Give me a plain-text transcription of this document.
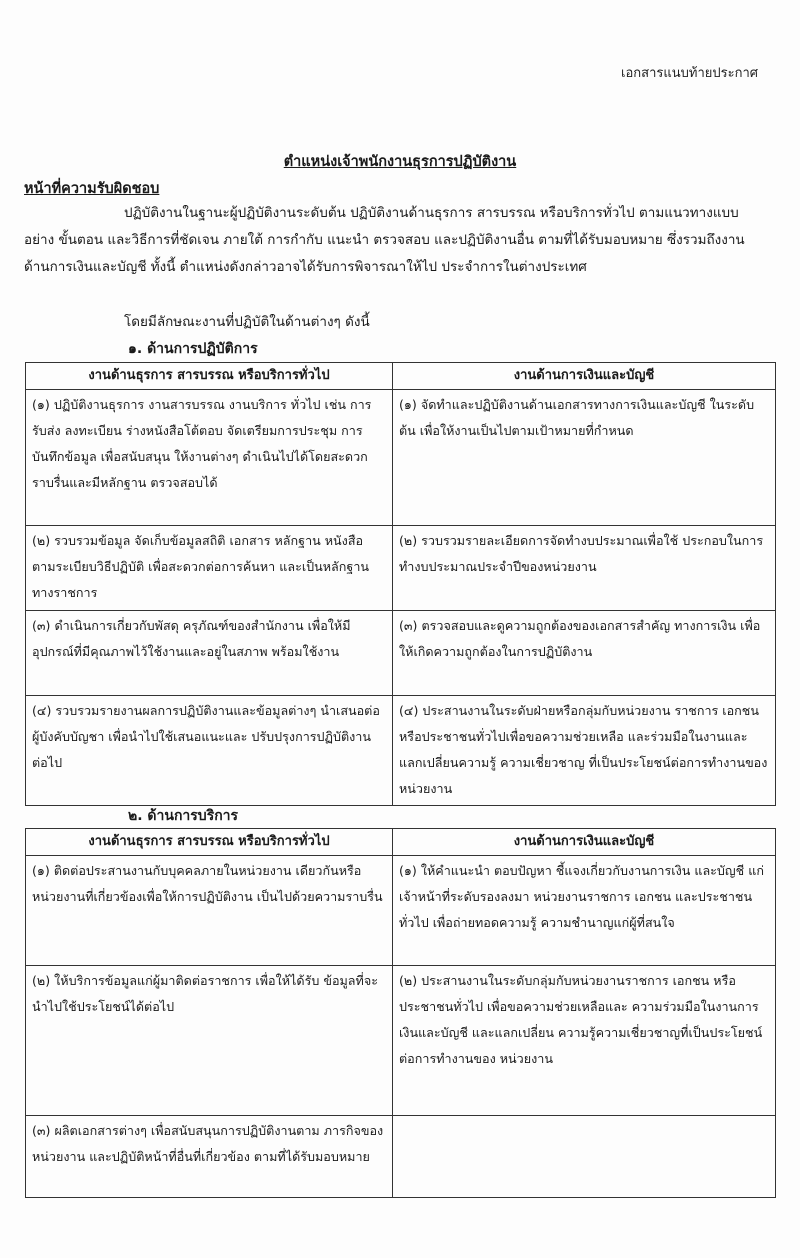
เอกสารแนบท้ายประกาศ
ตำแหน่งเจ้าพนักงานธุรการปฏิบัติงาน
หน้าที่ความรับผิดชอบ
ปฏิบัติงานในฐานะผู้ปฏิบัติงานระดับต้น ปฏิบัติงานด้านธุรการ สารบรรณ หรือบริการทั่วไป ตามแนวทางแบบอย่าง ขั้นตอน และวิธีการที่ชัดเจน ภายใต้ การกำกับ แนะนำ ตรวจสอบ และปฏิบัติงานอื่น ตามที่ได้รับมอบหมาย ซึ่งรวมถึงงานด้านการเงินและบัญชี ทั้งนี้ ตำแหน่งดังกล่าวอาจได้รับการพิจารณาให้ไป ประจำการในต่างประเทศ
โดยมีลักษณะงานที่ปฏิบัติในด้านต่างๆ ดังนี้
๑. ด้านการปฏิบัติการ
งานด้านธุรการ สารบรรณ หรือบริการทั่วไป	งานด้านการเงินและบัญชี
(๑) ปฏิบัติงานธุรการ งานสารบรรณ งานบริการ ทั่วไป เช่น การรับส่ง ลงทะเบียน ร่างหนังสือโต้ตอบ จัดเตรียมการประชุม การบันทึกข้อมูล เพื่อสนับสนุน ให้งานต่างๆ ดำเนินไปได้โดยสะดวกราบรื่นและมีหลักฐาน ตรวจสอบได้	(๑) จัดทำและปฏิบัติงานด้านเอกสารทางการเงินและบัญชี ในระดับต้น เพื่อให้งานเป็นไปตามเป้าหมายที่กำหนด
(๒) รวบรวมข้อมูล จัดเก็บข้อมูลสถิติ เอกสาร หลักฐาน หนังสือ ตามระเบียบวิธีปฏิบัติ เพื่อสะดวกต่อการค้นหา และเป็นหลักฐานทางราชการ	(๒) รวบรวมรายละเอียดการจัดทำงบประมาณเพื่อใช้ ประกอบในการทำงบประมาณประจำปีของหน่วยงาน
(๓) ดำเนินการเกี่ยวกับพัสดุ ครุภัณฑ์ของสำนักงาน เพื่อให้มีอุปกรณ์ที่มีคุณภาพไว้ใช้งานและอยู่ในสภาพ พร้อมใช้งาน	(๓) ตรวจสอบและดูความถูกต้องของเอกสารสำคัญ ทางการเงิน เพื่อให้เกิดความถูกต้องในการปฏิบัติงาน
(๔) รวบรวมรายงานผลการปฏิบัติงานและข้อมูลต่างๆ นำเสนอต่อผู้บังคับบัญชา เพื่อนำไปใช้เสนอแนะและ ปรับปรุงการปฏิบัติงานต่อไป	(๔) ประสานงานในระดับฝ่ายหรือกลุ่มกับหน่วยงาน ราชการ เอกชน หรือประชาชนทั่วไปเพื่อขอความช่วยเหลือ และร่วมมือในงานและแลกเปลี่ยนความรู้ ความเชี่ยวชาญ ที่เป็นประโยชน์ต่อการทำงานของหน่วยงาน
๒. ด้านการบริการ
งานด้านธุรการ สารบรรณ หรือบริการทั่วไป	งานด้านการเงินและบัญชี
(๑) ติดต่อประสานงานกับบุคคลภายในหน่วยงาน เดียวกันหรือหน่วยงานที่เกี่ยวข้องเพื่อให้การปฏิบัติงาน เป็นไปด้วยความราบรื่น	(๑) ให้คำแนะนำ ตอบปัญหา ชี้แจงเกี่ยวกับงานการเงิน และบัญชี แก่เจ้าหน้าที่ระดับรองลงมา หน่วยงานราชการ เอกชน และประชาชนทั่วไป เพื่อถ่ายทอดความรู้ ความชำนาญแก่ผู้ที่สนใจ
(๒) ให้บริการข้อมูลแก่ผู้มาติดต่อราชการ เพื่อให้ได้รับ ข้อมูลที่จะนำไปใช้ประโยชน์ได้ต่อไป	(๒) ประสานงานในระดับกลุ่มกับหน่วยงานราชการ เอกชน หรือประชาชนทั่วไป เพื่อขอความช่วยเหลือและ ความร่วมมือในงานการเงินและบัญชี และแลกเปลี่ยน ความรู้ความเชี่ยวชาญที่เป็นประโยชน์ต่อการทำงานของ หน่วยงาน
(๓) ผลิตเอกสารต่างๆ เพื่อสนับสนุนการปฏิบัติงานตาม ภารกิจของหน่วยงาน และปฏิบัติหน้าที่อื่นที่เกี่ยวข้อง ตามที่ได้รับมอบหมาย	
